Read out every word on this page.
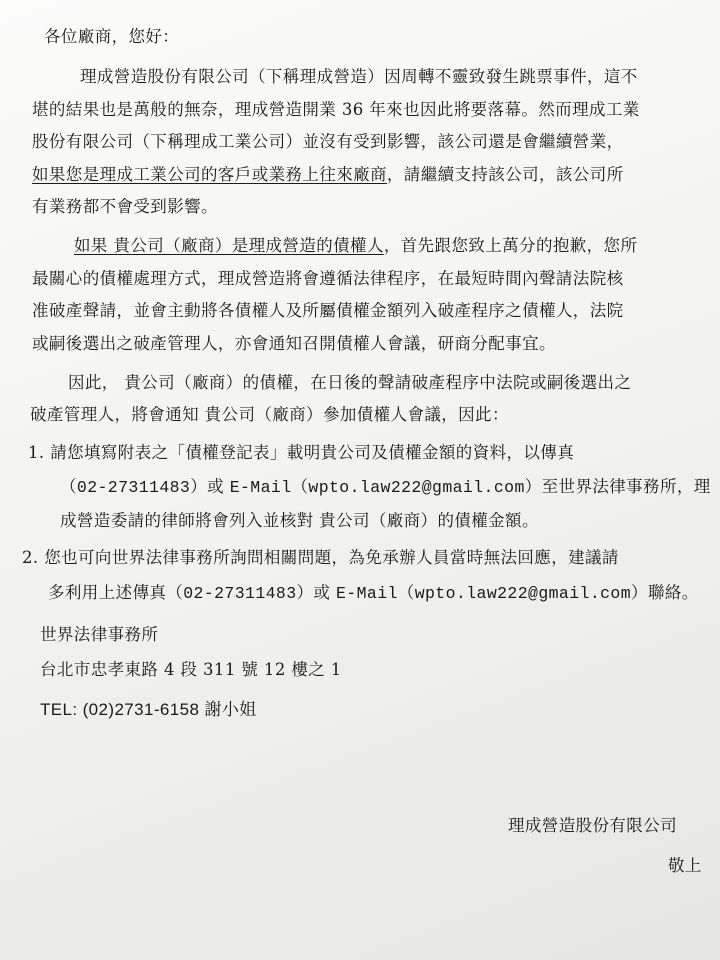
各位廠商，您好：
理成營造股份有限公司（下稱理成營造）因周轉不靈致發生跳票事件，這不
堪的結果也是萬般的無奈，理成營造開業 36 年來也因此將要落幕。然而理成工業
股份有限公司（下稱理成工業公司）並沒有受到影響，該公司還是會繼續營業，
如果您是理成工業公司的客戶或業務上往來廠商，請繼續支持該公司，該公司所
有業務都不會受到影響。
如果 貴公司（廠商）是理成營造的債權人，首先跟您致上萬分的抱歉，您所
最關心的債權處理方式，理成營造將會遵循法律程序，在最短時間內聲請法院核
准破產聲請，並會主動將各債權人及所屬債權金額列入破產程序之債權人，法院
或嗣後選出之破產管理人，亦會通知召開債權人會議，研商分配事宜。
因此， 貴公司（廠商）的債權，在日後的聲請破產程序中法院或嗣後選出之
破產管理人，將會通知 貴公司（廠商）參加債權人會議，因此：
1. 請您填寫附表之「債權登記表」載明貴公司及債權金額的資料，以傳真
（02-27311483）或 E-Mail（wpto.law222@gmail.com）至世界法律事務所，理
成營造委請的律師將會列入並核對 貴公司（廠商）的債權金額。
2. 您也可向世界法律事務所詢問相關問題，為免承辦人員當時無法回應，建議請
多利用上述傳真（02-27311483）或 E-Mail（wpto.law222@gmail.com）聯絡。
世界法律事務所
台北市忠孝東路 4 段 311 號 12 樓之 1
TEL: (02)2731-6158 謝小姐
理成營造股份有限公司
敬上
